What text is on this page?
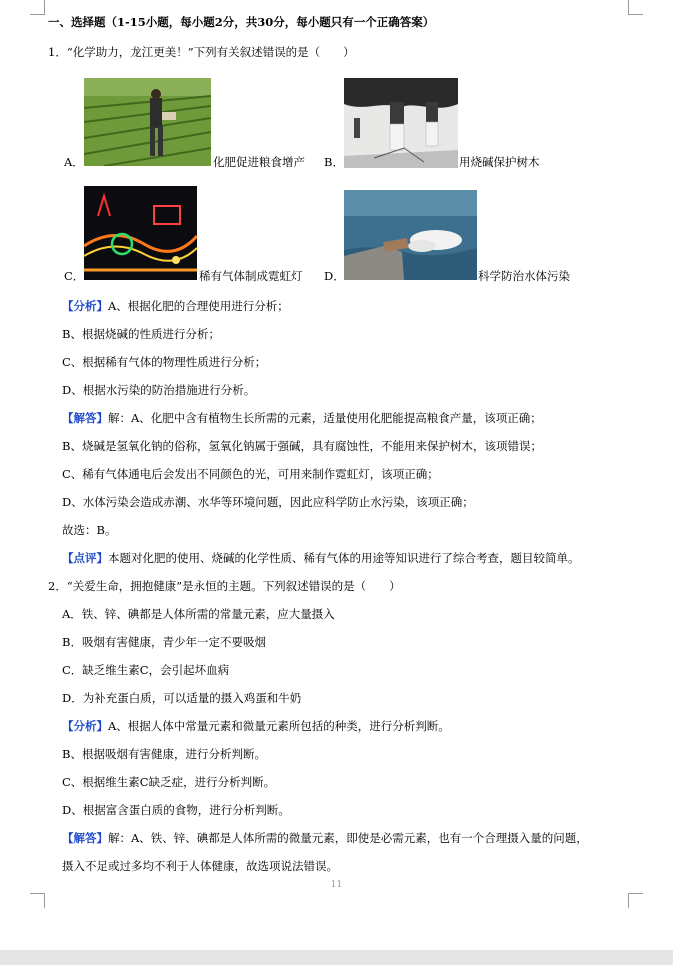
一、选择题（1-15小题，每小题2分，共30分，每小题只有一个正确答案）
1．“化学助力，龙江更美！”下列有关叙述错误的是（　　）
A．	化肥促进粮食增产 B．	用烧碱保护树木
C．	稀有气体制成霓虹灯 D．	科学防治水体污染
【分析】A、根据化肥的合理使用进行分析；
B、根据烧碱的性质进行分析；
C、根据稀有气体的物理性质进行分析；
D、根据水污染的防治措施进行分析。
【解答】解：A、化肥中含有植物生长所需的元素，适量使用化肥能提高粮食产量，该项正确；
B、烧碱是氢氧化钠的俗称，氢氧化钠属于强碱，具有腐蚀性，不能用来保护树木，该项错误；
C、稀有气体通电后会发出不同颜色的光，可用来制作霓虹灯，该项正确；
D、水体污染会造成赤潮、水华等环境问题，因此应科学防止水污染，该项正确；
故选：B。
【点评】本题对化肥的使用、烧碱的化学性质、稀有气体的用途等知识进行了综合考查，题目较简单。
2．“关爱生命，拥抱健康”是永恒的主题。下列叙述错误的是（　　）
A．铁、锌、碘都是人体所需的常量元素，应大量摄入
B．吸烟有害健康，青少年一定不要吸烟
C．缺乏维生素C，会引起坏血病
D．为补充蛋白质，可以适量的摄入鸡蛋和牛奶
【分析】A、根据人体中常量元素和微量元素所包括的种类，进行分析判断。
B、根据吸烟有害健康，进行分析判断。
C、根据维生素C缺乏症，进行分析判断。
D、根据富含蛋白质的食物，进行分析判断。
【解答】解：A、铁、锌、碘都是人体所需的微量元素，即使是必需元素，也有一个合理摄入量的问题，
摄入不足或过多均不利于人体健康，故选项说法错误。
11
